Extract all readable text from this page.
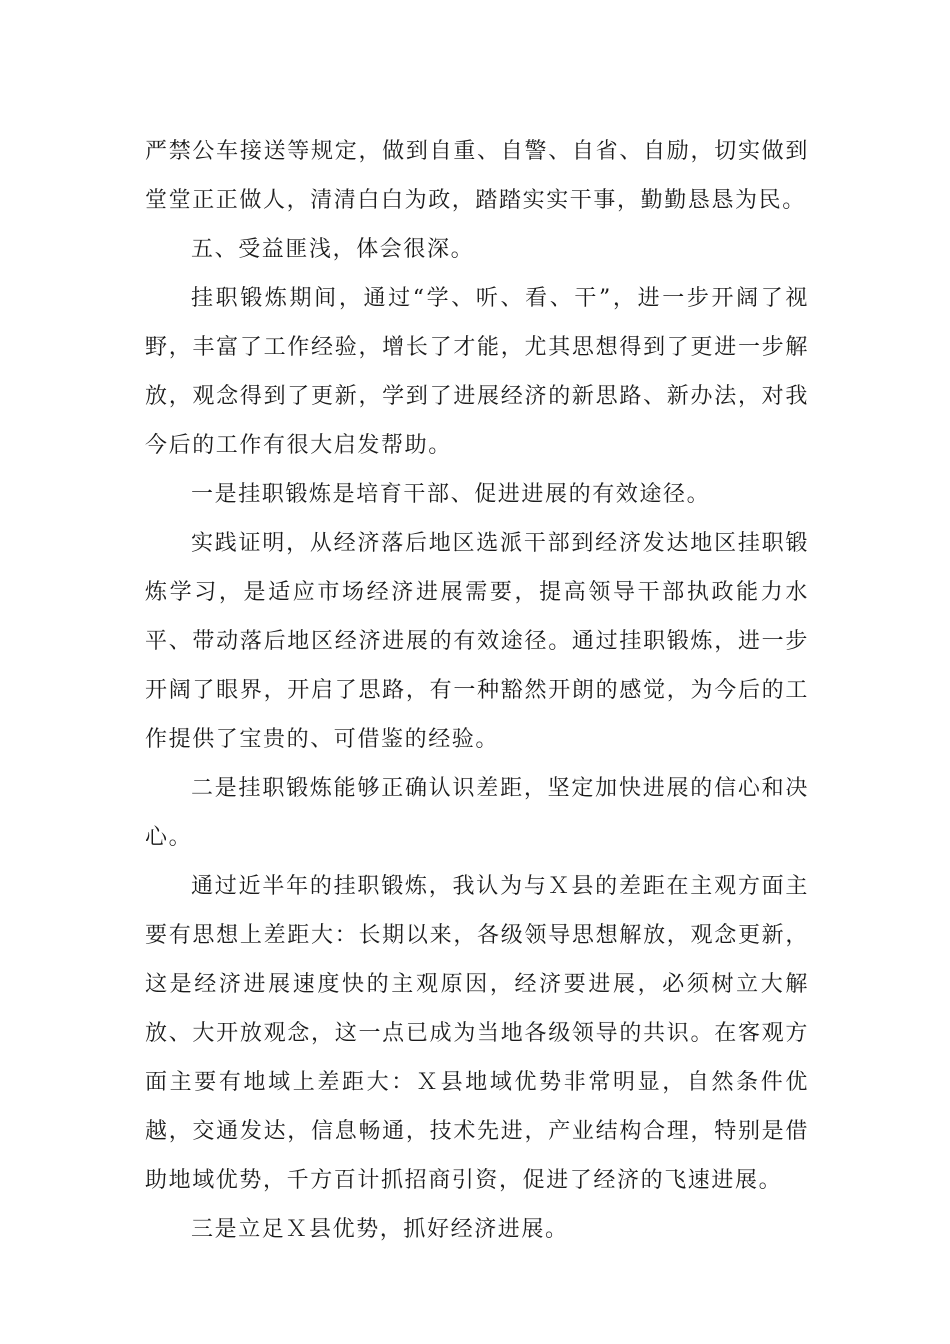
严禁公车接送等规定，做到自重、自警、自省、自励，切实做到堂堂正正做人，清清白白为政，踏踏实实干事，勤勤恳恳为民。

五、受益匪浅，体会很深。

挂职锻炼期间，通过“学、听、看、干”，进一步开阔了视野，丰富了工作经验，增长了才能，尤其思想得到了更进一步解放，观念得到了更新，学到了进展经济的新思路、新办法，对我今后的工作有很大启发帮助。

一是挂职锻炼是培育干部、促进进展的有效途径。

实践证明，从经济落后地区选派干部到经济发达地区挂职锻炼学习，是适应市场经济进展需要，提高领导干部执政能力水平、带动落后地区经济进展的有效途径。通过挂职锻炼，进一步开阔了眼界，开启了思路，有一种豁然开朗的感觉，为今后的工作提供了宝贵的、可借鉴的经验。

二是挂职锻炼能够正确认识差距，坚定加快进展的信心和决心。

通过近半年的挂职锻炼，我认为与Ｘ县的差距在主观方面主要有思想上差距大：长期以来，各级领导思想解放，观念更新，这是经济进展速度快的主观原因，经济要进展，必须树立大解放、大开放观念，这一点已成为当地各级领导的共识。在客观方面主要有地域上差距大：Ｘ县地域优势非常明显，自然条件优越，交通发达，信息畅通，技术先进，产业结构合理，特别是借助地域优势，千方百计抓招商引资，促进了经济的飞速进展。

三是立足Ｘ县优势，抓好经济进展。
